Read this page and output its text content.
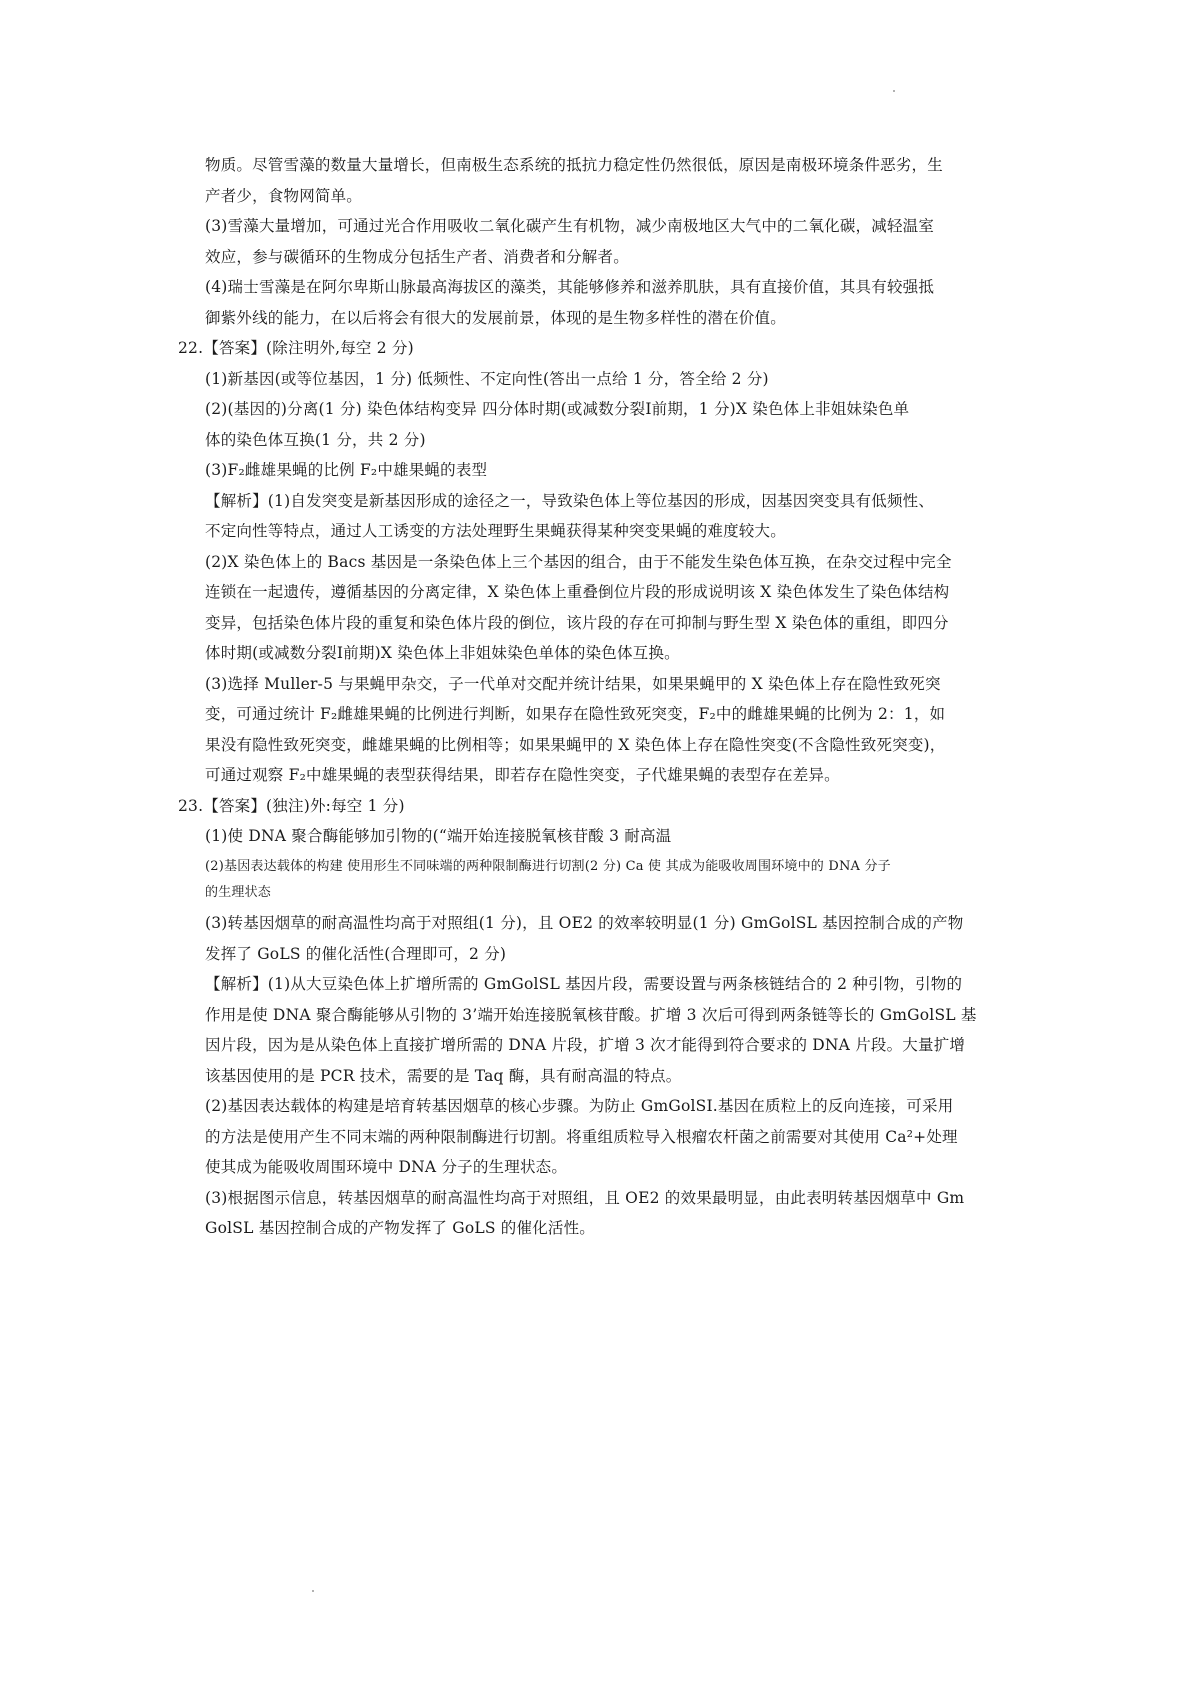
物质。尽管雪藻的数量大量增长，但南极生态系统的抵抗力稳定性仍然很低，原因是南极环境条件恶劣，生
产者少，食物网简单。
(3)雪藻大量增加，可通过光合作用吸收二氧化碳产生有机物，减少南极地区大气中的二氧化碳，减轻温室
效应，参与碳循环的生物成分包括生产者、消费者和分解者。
(4)瑞士雪藻是在阿尔卑斯山脉最高海拔区的藻类，其能够修养和滋养肌肤，具有直接价值，其具有较强抵
御紫外线的能力，在以后将会有很大的发展前景，体现的是生物多样性的潜在价值。
22.【答案】(除注明外,每空 2 分)
(1)新基因(或等位基因，1 分) 低频性、不定向性(答出一点给 1 分，答全给 2 分)
(2)(基因的)分离(1 分) 染色体结构变异 四分体时期(或减数分裂Ⅰ前期，1 分)X 染色体上非姐妹染色单
体的染色体互换(1 分，共 2 分)
(3)F₂雌雄果蝇的比例 F₂中雄果蝇的表型
【解析】(1)自发突变是新基因形成的途径之一，导致染色体上等位基因的形成，因基因突变具有低频性、
不定向性等特点，通过人工诱变的方法处理野生果蝇获得某种突变果蝇的难度较大。
(2)X 染色体上的 Bacs 基因是一条染色体上三个基因的组合，由于不能发生染色体互换，在杂交过程中完全
连锁在一起遗传，遵循基因的分离定律，X 染色体上重叠倒位片段的形成说明该 X 染色体发生了染色体结构
变异，包括染色体片段的重复和染色体片段的倒位，该片段的存在可抑制与野生型 X 染色体的重组，即四分
体时期(或减数分裂Ⅰ前期)X 染色体上非姐妹染色单体的染色体互换。
(3)选择 Muller-5 与果蝇甲杂交，子一代单对交配并统计结果，如果果蝇甲的 X 染色体上存在隐性致死突
变，可通过统计 F₂雌雄果蝇的比例进行判断，如果存在隐性致死突变，F₂中的雌雄果蝇的比例为 2：1，如
果没有隐性致死突变，雌雄果蝇的比例相等；如果果蝇甲的 X 染色体上存在隐性突变(不含隐性致死突变)，
可通过观察 F₂中雄果蝇的表型获得结果，即若存在隐性突变，子代雄果蝇的表型存在差异。
23.【答案】(独注)外:每空 1 分)
(1)使 DNA 聚合酶能够加引物的(“端开始连接脱氧核苷酸 3 耐高温
(2)基因表达载体的构建 使用形生不同味端的两种限制酶进行切割(2 分) Ca 使 其成为能吸收周围环境中的 DNA 分子
的生理状态
(3)转基因烟草的耐高温性均高于对照组(1 分)，且 OE2 的效率较明显(1 分) GmGolSL 基因控制合成的产物
发挥了 GoLS 的催化活性(合理即可，2 分)
【解析】(1)从大豆染色体上扩增所需的 GmGolSL 基因片段，需要设置与两条核链结合的 2 种引物，引物的
作用是使 DNA 聚合酶能够从引物的 3’端开始连接脱氧核苷酸。扩增 3 次后可得到两条链等长的 GmGolSL 基
因片段，因为是从染色体上直接扩增所需的 DNA 片段，扩增 3 次才能得到符合要求的 DNA 片段。大量扩增
该基因使用的是 PCR 技术，需要的是 Taq 酶，具有耐高温的特点。
(2)基因表达载体的构建是培育转基因烟草的核心步骤。为防止 GmGolSI.基因在质粒上的反向连接，可采用
的方法是使用产生不同末端的两种限制酶进行切割。将重组质粒导入根瘤农杆菌之前需要对其使用 Ca²+处理
使其成为能吸收周围环境中 DNA 分子的生理状态。
(3)根据图示信息，转基因烟草的耐高温性均高于对照组，且 OE2 的效果最明显，由此表明转基因烟草中 Gm
GolSL 基因控制合成的产物发挥了 GoLS 的催化活性。
